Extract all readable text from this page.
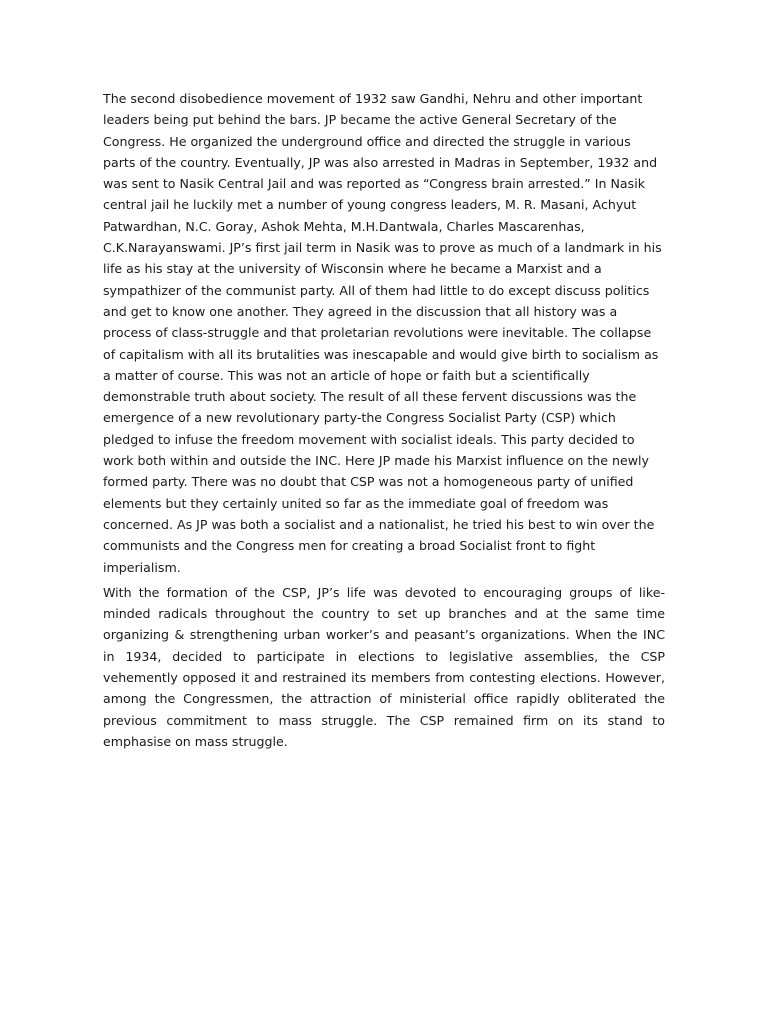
The second disobedience movement of 1932 saw Gandhi, Nehru and other important leaders being put behind the bars. JP became the active General Secretary of the Congress. He organized the underground office and directed the struggle in various parts of the country. Eventually, JP was also arrested in Madras in September, 1932 and was sent to Nasik Central Jail and was reported as “Congress brain arrested.” In Nasik central jail he luckily met a number of young congress leaders, M. R. Masani, Achyut Patwardhan, N.C. Goray, Ashok Mehta, M.H.Dantwala, Charles Mascarenhas, C.K.Narayanswami. JP’s first jail term in Nasik was to prove as much of a landmark in his life as his stay at the university of Wisconsin where he became a Marxist and a sympathizer of the communist party. All of them had little to do except discuss politics and get to know one another. They agreed in the discussion that all history was a process of class-struggle and that proletarian revolutions were inevitable. The collapse of capitalism with all its brutalities was inescapable and would give birth to socialism as a matter of course. This was not an article of hope or faith but a scientifically demonstrable truth about society. The result of all these fervent discussions was the emergence of a new revolutionary party-the Congress Socialist Party (CSP) which pledged to infuse the freedom movement with socialist ideals. This party decided to work both within and outside the INC. Here JP made his Marxist influence on the newly formed party. There was no doubt that CSP was not a homogeneous party of unified elements but they certainly united so far as the immediate goal of freedom was concerned. As JP was both a socialist and a nationalist, he tried his best to win over the communists and the Congress men for creating a broad Socialist front to fight imperialism.

With the formation of the CSP, JP’s life was devoted to encouraging groups of like-minded radicals throughout the country to set up branches and at the same time organizing & strengthening urban worker’s and peasant’s organizations. When the INC in 1934, decided to participate in elections to legislative assemblies, the CSP vehemently opposed it and restrained its members from contesting elections. However, among the Congressmen, the attraction of ministerial office rapidly obliterated the previous commitment to mass struggle. The CSP remained firm on its stand to emphasise on mass struggle.
